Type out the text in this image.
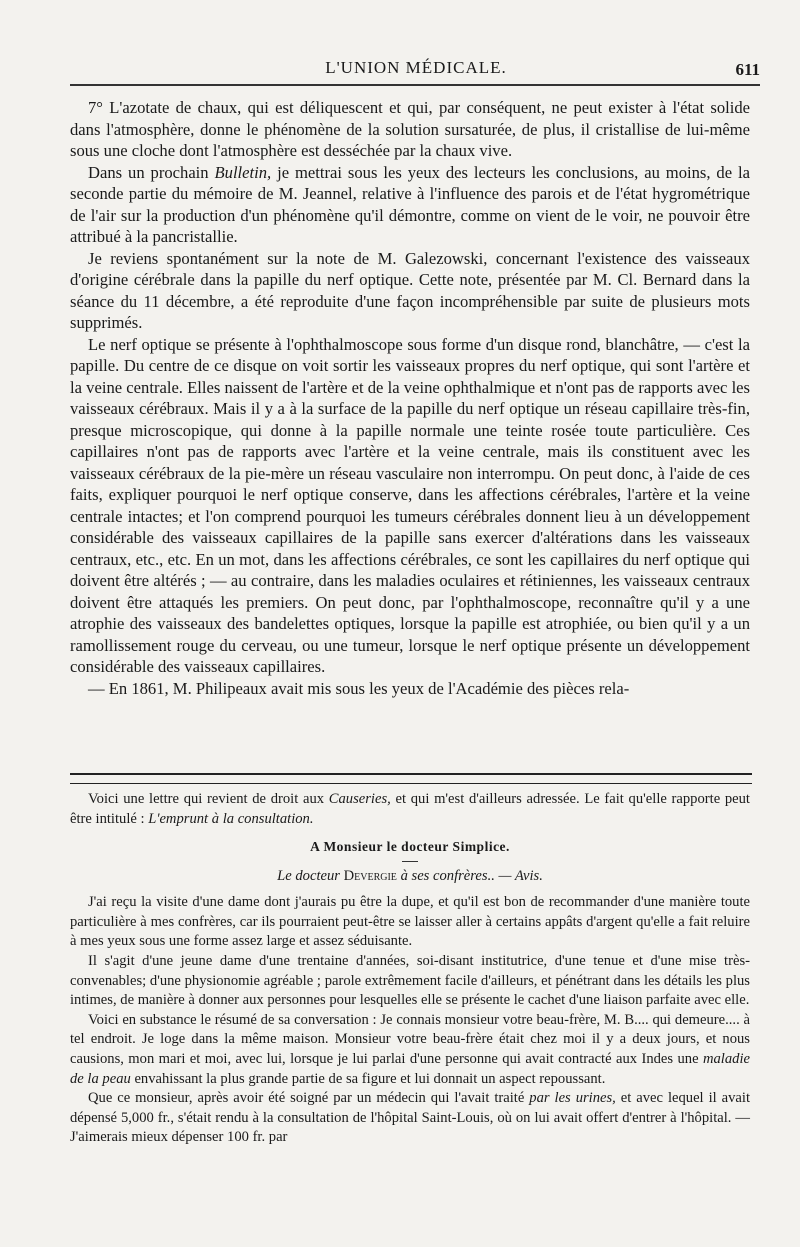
L'UNION MÉDICALE.	611

7° L'azotate de chaux, qui est déliquescent et qui, par conséquent, ne peut exister à l'état solide dans l'atmosphère, donne le phénomène de la solution sursaturée, de plus, il cristallise de lui-même sous une cloche dont l'atmosphère est desséchée par la chaux vive.

Dans un prochain Bulletin, je mettrai sous les yeux des lecteurs les conclusions, au moins, de la seconde partie du mémoire de M. Jeannel, relative à l'influence des parois et de l'état hygrométrique de l'air sur la production d'un phénomène qu'il démontre, comme on vient de le voir, ne pouvoir être attribué à la pancristallie.

Je reviens spontanément sur la note de M. Galezowski, concernant l'existence des vaisseaux d'origine cérébrale dans la papille du nerf optique. Cette note, présentée par M. Cl. Bernard dans la séance du 11 décembre, a été reproduite d'une façon incompréhensible par suite de plusieurs mots supprimés.

Le nerf optique se présente à l'ophthalmoscope sous forme d'un disque rond, blanchâtre, — c'est la papille. Du centre de ce disque on voit sortir les vaisseaux propres du nerf optique, qui sont l'artère et la veine centrale. Elles naissent de l'artère et de la veine ophthalmique et n'ont pas de rapports avec les vaisseaux cérébraux. Mais il y a à la surface de la papille du nerf optique un réseau capillaire très-fin, presque microscopique, qui donne à la papille normale une teinte rosée toute particulière. Ces capillaires n'ont pas de rapports avec l'artère et la veine centrale, mais ils constituent avec les vaisseaux cérébraux de la pie-mère un réseau vasculaire non interrompu. On peut donc, à l'aide de ces faits, expliquer pourquoi le nerf optique conserve, dans les affections cérébrales, l'artère et la veine centrale intactes; et l'on comprend pourquoi les tumeurs cérébrales donnent lieu à un développement considérable des vaisseaux capillaires de la papille sans exercer d'altérations dans les vaisseaux centraux, etc., etc. En un mot, dans les affections cérébrales, ce sont les capillaires du nerf optique qui doivent être altérés ; — au contraire, dans les maladies oculaires et rétiniennes, les vaisseaux centraux doivent être attaqués les premiers. On peut donc, par l'ophthalmoscope, reconnaître qu'il y a une atrophie des vaisseaux des bandelettes optiques, lorsque la papille est atrophiée, ou bien qu'il y a un ramollissement rouge du cerveau, ou une tumeur, lorsque le nerf optique présente un développement considérable des vaisseaux capillaires.

— En 1861, M. Philipeaux avait mis sous les yeux de l'Académie des pièces rela-

Voici une lettre qui revient de droit aux Causeries, et qui m'est d'ailleurs adressée. Le fait qu'elle rapporte peut être intitulé : L'emprunt à la consultation.

A Monsieur le docteur Simplice.
Le docteur Devergie à ses confrères.. — Avis.

J'ai reçu la visite d'une dame dont j'aurais pu être la dupe, et qu'il est bon de recommander d'une manière toute particulière à mes confrères, car ils pourraient peut-être se laisser aller à certains appâts d'argent qu'elle a fait reluire à mes yeux sous une forme assez large et assez séduisante.

Il s'agit d'une jeune dame d'une trentaine d'années, soi-disant institutrice, d'une tenue et d'une mise très-convenables; d'une physionomie agréable ; parole extrêmement facile d'ailleurs, et pénétrant dans les détails les plus intimes, de manière à donner aux personnes pour lesquelles elle se présente le cachet d'une liaison parfaite avec elle.

Voici en substance le résumé de sa conversation : Je connais monsieur votre beau-frère, M. B.... qui demeure.... à tel endroit. Je loge dans la même maison. Monsieur votre beau-frère était chez moi il y a deux jours, et nous causions, mon mari et moi, avec lui, lorsque je lui parlai d'une personne qui avait contracté aux Indes une maladie de la peau envahissant la plus grande partie de sa figure et lui donnait un aspect repoussant.

Que ce monsieur, après avoir été soigné par un médecin qui l'avait traité par les urines, et avec lequel il avait dépensé 5,000 fr., s'était rendu à la consultation de l'hôpital Saint-Louis, où on lui avait offert d'entrer à l'hôpital. — J'aimerais mieux dépenser 100 fr. par
